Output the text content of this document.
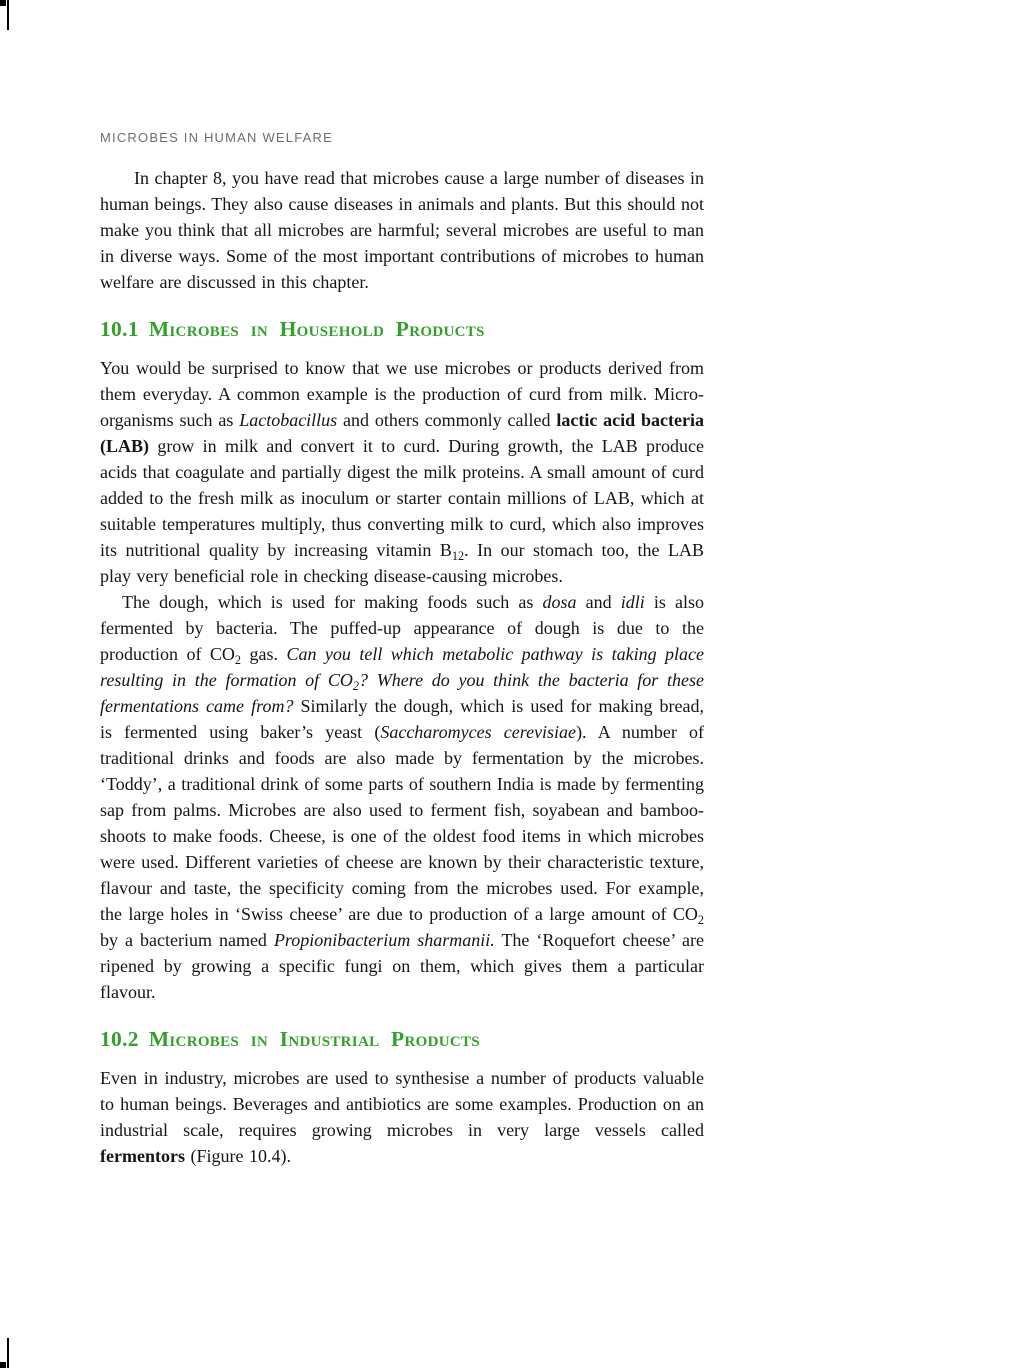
MICROBES IN HUMAN WELFARE

In chapter 8, you have read that microbes cause a large number of diseases in human beings. They also cause diseases in animals and plants. But this should not make you think that all microbes are harmful; several microbes are useful to man in diverse ways. Some of the most important contributions of microbes to human welfare are discussed in this chapter.

10.1 Microbes in Household Products

You would be surprised to know that we use microbes or products derived from them everyday. A common example is the production of curd from milk. Micro-organisms such as Lactobacillus and others commonly called lactic acid bacteria (LAB) grow in milk and convert it to curd. During growth, the LAB produce acids that coagulate and partially digest the milk proteins. A small amount of curd added to the fresh milk as inoculum or starter contain millions of LAB, which at suitable temperatures multiply, thus converting milk to curd, which also improves its nutritional quality by increasing vitamin $B_{12}$. In our stomach too, the LAB play very beneficial role in checking disease-causing microbes.

The dough, which is used for making foods such as dosa and idli is also fermented by bacteria. The puffed-up appearance of dough is due to the production of $CO_2$ gas. Can you tell which metabolic pathway is taking place resulting in the formation of $CO_2$? Where do you think the bacteria for these fermentations came from? Similarly the dough, which is used for making bread, is fermented using baker’s yeast (Saccharomyces cerevisiae). A number of traditional drinks and foods are also made by fermentation by the microbes. ‘Toddy’, a traditional drink of some parts of southern India is made by fermenting sap from palms. Microbes are also used to ferment fish, soyabean and bamboo-shoots to make foods. Cheese, is one of the oldest food items in which microbes were used. Different varieties of cheese are known by their characteristic texture, flavour and taste, the specificity coming from the microbes used. For example, the large holes in ‘Swiss cheese’ are due to production of a large amount of $CO_2$ by a bacterium named Propionibacterium sharmanii. The ‘Roquefort cheese’ are ripened by growing a specific fungi on them, which gives them a particular flavour.

10.2 Microbes in Industrial Products

Even in industry, microbes are used to synthesise a number of products valuable to human beings. Beverages and antibiotics are some examples. Production on an industrial scale, requires growing microbes in very large vessels called fermentors (Figure 10.4).
